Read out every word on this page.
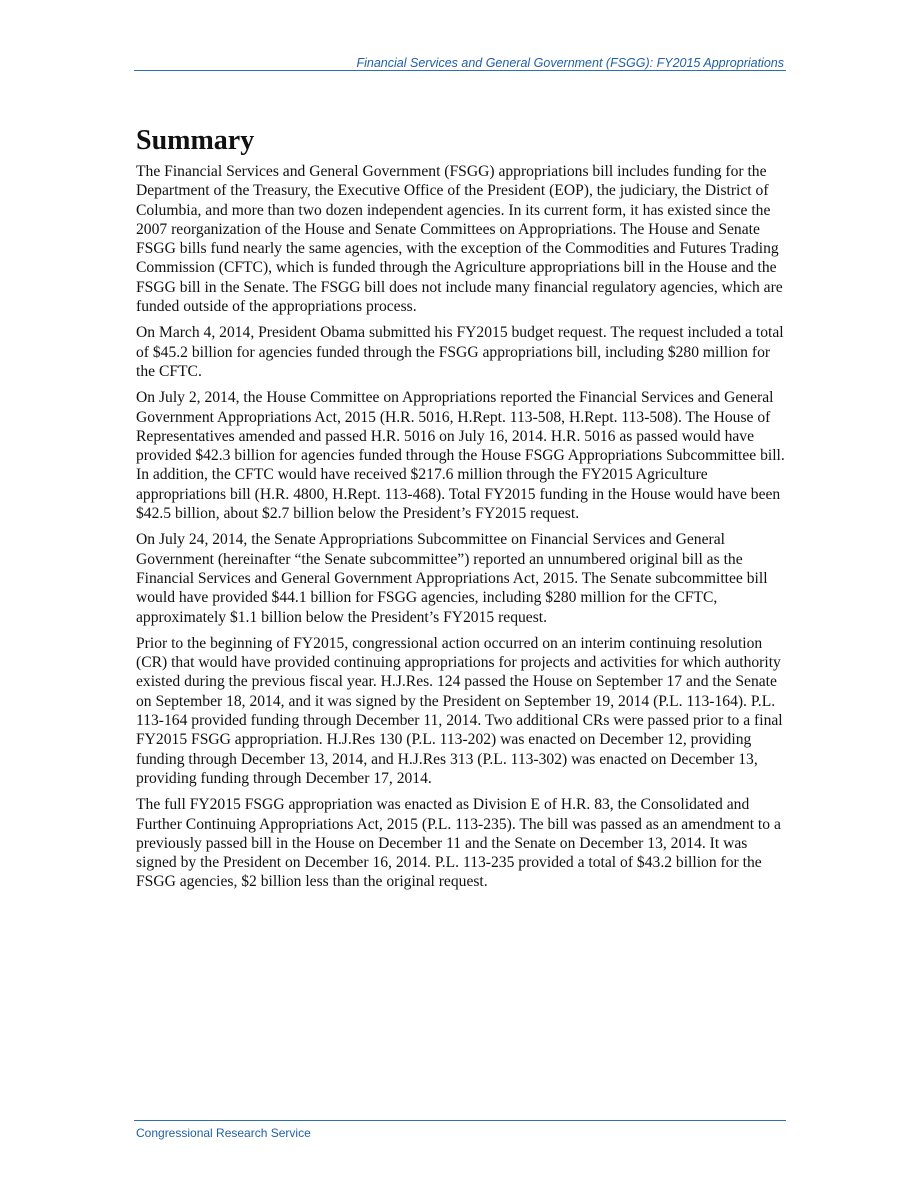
Financial Services and General Government (FSGG): FY2015 Appropriations
Summary

The Financial Services and General Government (FSGG) appropriations bill includes funding for the Department of the Treasury, the Executive Office of the President (EOP), the judiciary, the District of Columbia, and more than two dozen independent agencies. In its current form, it has existed since the 2007 reorganization of the House and Senate Committees on Appropriations. The House and Senate FSGG bills fund nearly the same agencies, with the exception of the Commodities and Futures Trading Commission (CFTC), which is funded through the Agriculture appropriations bill in the House and the FSGG bill in the Senate. The FSGG bill does not include many financial regulatory agencies, which are funded outside of the appropriations process.

On March 4, 2014, President Obama submitted his FY2015 budget request. The request included a total of $45.2 billion for agencies funded through the FSGG appropriations bill, including $280 million for the CFTC.

On July 2, 2014, the House Committee on Appropriations reported the Financial Services and General Government Appropriations Act, 2015 (H.R. 5016, H.Rept. 113-508, H.Rept. 113-508). The House of Representatives amended and passed H.R. 5016 on July 16, 2014. H.R. 5016 as passed would have provided $42.3 billion for agencies funded through the House FSGG Appropriations Subcommittee bill. In addition, the CFTC would have received $217.6 million through the FY2015 Agriculture appropriations bill (H.R. 4800, H.Rept. 113-468). Total FY2015 funding in the House would have been $42.5 billion, about $2.7 billion below the President’s FY2015 request.

On July 24, 2014, the Senate Appropriations Subcommittee on Financial Services and General Government (hereinafter “the Senate subcommittee”) reported an unnumbered original bill as the Financial Services and General Government Appropriations Act, 2015. The Senate subcommittee bill would have provided $44.1 billion for FSGG agencies, including $280 million for the CFTC, approximately $1.1 billion below the President’s FY2015 request.

Prior to the beginning of FY2015, congressional action occurred on an interim continuing resolution (CR) that would have provided continuing appropriations for projects and activities for which authority existed during the previous fiscal year. H.J.Res. 124 passed the House on September 17 and the Senate on September 18, 2014, and it was signed by the President on September 19, 2014 (P.L. 113-164). P.L. 113-164 provided funding through December 11, 2014. Two additional CRs were passed prior to a final FY2015 FSGG appropriation. H.J.Res 130 (P.L. 113-202) was enacted on December 12, providing funding through December 13, 2014, and H.J.Res 313 (P.L. 113-302) was enacted on December 13, providing funding through December 17, 2014.

The full FY2015 FSGG appropriation was enacted as Division E of H.R. 83, the Consolidated and Further Continuing Appropriations Act, 2015 (P.L. 113-235). The bill was passed as an amendment to a previously passed bill in the House on December 11 and the Senate on December 13, 2014. It was signed by the President on December 16, 2014. P.L. 113-235 provided a total of $43.2 billion for the FSGG agencies, $2 billion less than the original request.

Congressional Research Service
